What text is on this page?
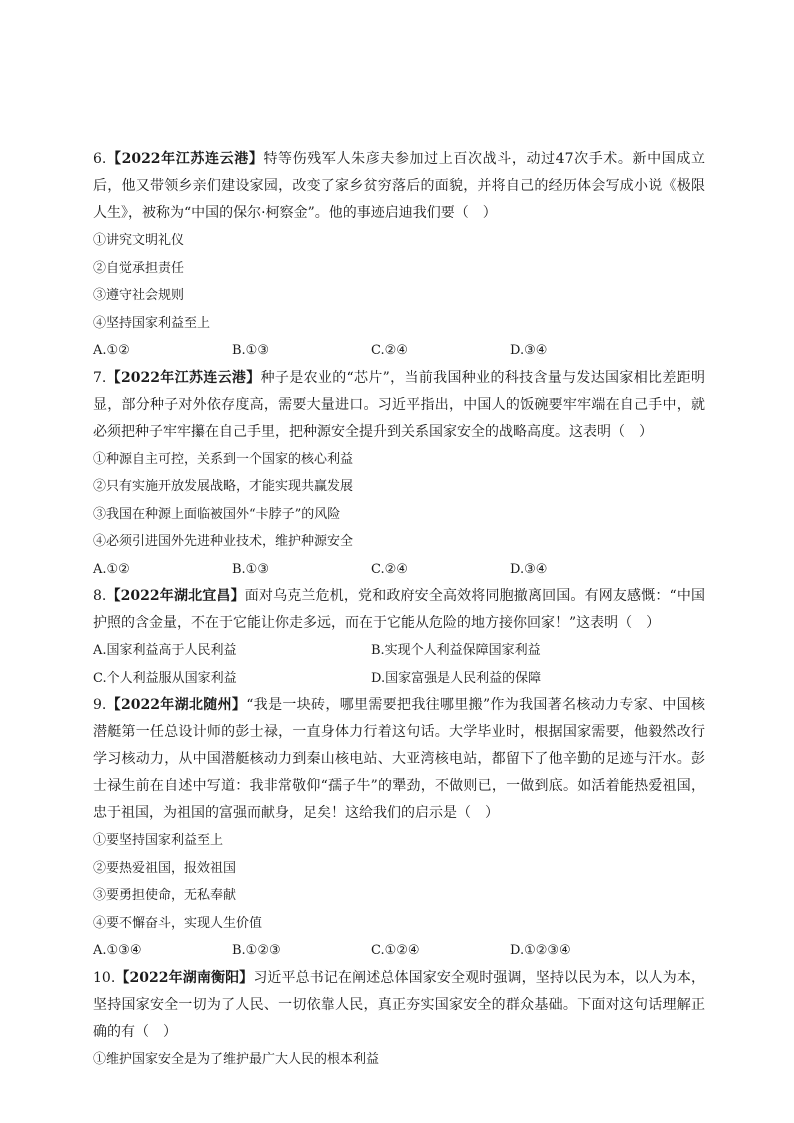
6.【2022年江苏连云港】特等伤残军人朱彦夫参加过上百次战斗，动过47次手术。新中国成立后，他又带领乡亲们建设家园，改变了家乡贫穷落后的面貌，并将自己的经历体会写成小说《极限人生》，被称为“中国的保尔·柯察金”。他的事迹启迪我们要（　）

①讲究文明礼仪

②自觉承担责任

③遵守社会规则

④坚持国家利益至上

A.①②	B.①③	C.②④	D.③④

7.【2022年江苏连云港】种子是农业的“芯片”，当前我国种业的科技含量与发达国家相比差距明显，部分种子对外依存度高，需要大量进口。习近平指出，中国人的饭碗要牢牢端在自己手中，就必须把种子牢牢攥在自己手里，把种源安全提升到关系国家安全的战略高度。这表明（　）

①种源自主可控，关系到一个国家的核心利益

②只有实施开放发展战略，才能实现共赢发展

③我国在种源上面临被国外“卡脖子”的风险

④必须引进国外先进种业技术，维护种源安全

A.①②	B.①③	C.②④	D.③④

8.【2022年湖北宜昌】面对乌克兰危机，党和政府安全高效将同胞撤离回国。有网友感慨：“中国护照的含金量，不在于它能让你走多远，而在于它能从危险的地方接你回家！”这表明（　）

A.国家利益高于人民利益	B.实现个人利益保障国家利益
C.个人利益服从国家利益	D.国家富强是人民利益的保障

9.【2022年湖北随州】“我是一块砖，哪里需要把我往哪里搬”作为我国著名核动力专家、中国核潜艇第一任总设计师的彭士禄，一直身体力行着这句话。大学毕业时，根据国家需要，他毅然改行学习核动力，从中国潜艇核动力到秦山核电站、大亚湾核电站，都留下了他辛勤的足迹与汗水。彭士禄生前在自述中写道：我非常敬仰“孺子牛”的犟劲，不做则已，一做到底。如活着能热爱祖国，忠于祖国，为祖国的富强而献身，足矣！这给我们的启示是（　）

①要坚持国家利益至上

②要热爱祖国，报效祖国

③要勇担使命，无私奉献

④要不懈奋斗，实现人生价值

A.①③④	B.①②③	C.①②④	D.①②③④

10.【2022年湖南衡阳】习近平总书记在阐述总体国家安全观时强调，坚持以民为本，以人为本，坚持国家安全一切为了人民、一切依靠人民，真正夯实国家安全的群众基础。下面对这句话理解正确的有（　）

①维护国家安全是为了维护最广大人民的根本利益
